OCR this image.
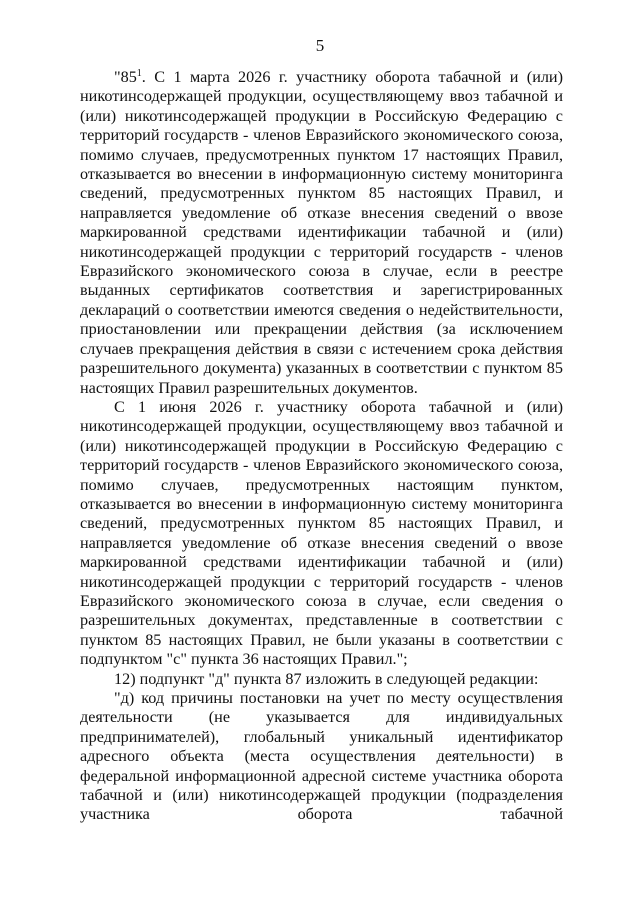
5

"$85^1$. С 1 марта 2026 г. участнику оборота табачной и (или) никотинсодержащей продукции, осуществляющему ввоз табачной и (или) никотинсодержащей продукции в Российскую Федерацию с территорий государств - членов Евразийского экономического союза, помимо случаев, предусмотренных пунктом 17 настоящих Правил, отказывается во внесении в информационную систему мониторинга сведений, предусмотренных пунктом 85 настоящих Правил, и направляется уведомление об отказе внесения сведений о ввозе маркированной средствами идентификации табачной и (или) никотинсодержащей продукции с территорий государств - членов Евразийского экономического союза в случае, если в реестре выданных сертификатов соответствия и зарегистрированных деклараций о соответствии имеются сведения о недействительности, приостановлении или прекращении действия (за исключением случаев прекращения действия в связи с истечением срока действия разрешительного документа) указанных в соответствии с пунктом 85 настоящих Правил разрешительных документов.

С 1 июня 2026 г. участнику оборота табачной и (или) никотинсодержащей продукции, осуществляющему ввоз табачной и (или) никотинсодержащей продукции в Российскую Федерацию с территорий государств - членов Евразийского экономического союза, помимо случаев, предусмотренных настоящим пунктом, отказывается во внесении в информационную систему мониторинга сведений, предусмотренных пунктом 85 настоящих Правил, и направляется уведомление об отказе внесения сведений о ввозе маркированной средствами идентификации табачной и (или) никотинсодержащей продукции с территорий государств - членов Евразийского экономического союза в случае, если сведения о разрешительных документах, представленные в соответствии с пунктом 85 настоящих Правил, не были указаны в соответствии с подпунктом "с" пункта 36 настоящих Правил.";

12) подпункт "д" пункта 87 изложить в следующей редакции:

"д) код причины постановки на учет по месту осуществления деятельности (не указывается для индивидуальных предпринимателей), глобальный уникальный идентификатор адресного объекта (места осуществления деятельности) в федеральной информационной адресной системе участника оборота табачной и (или) никотинсодержащей продукции (подразделения участника оборота табачной
